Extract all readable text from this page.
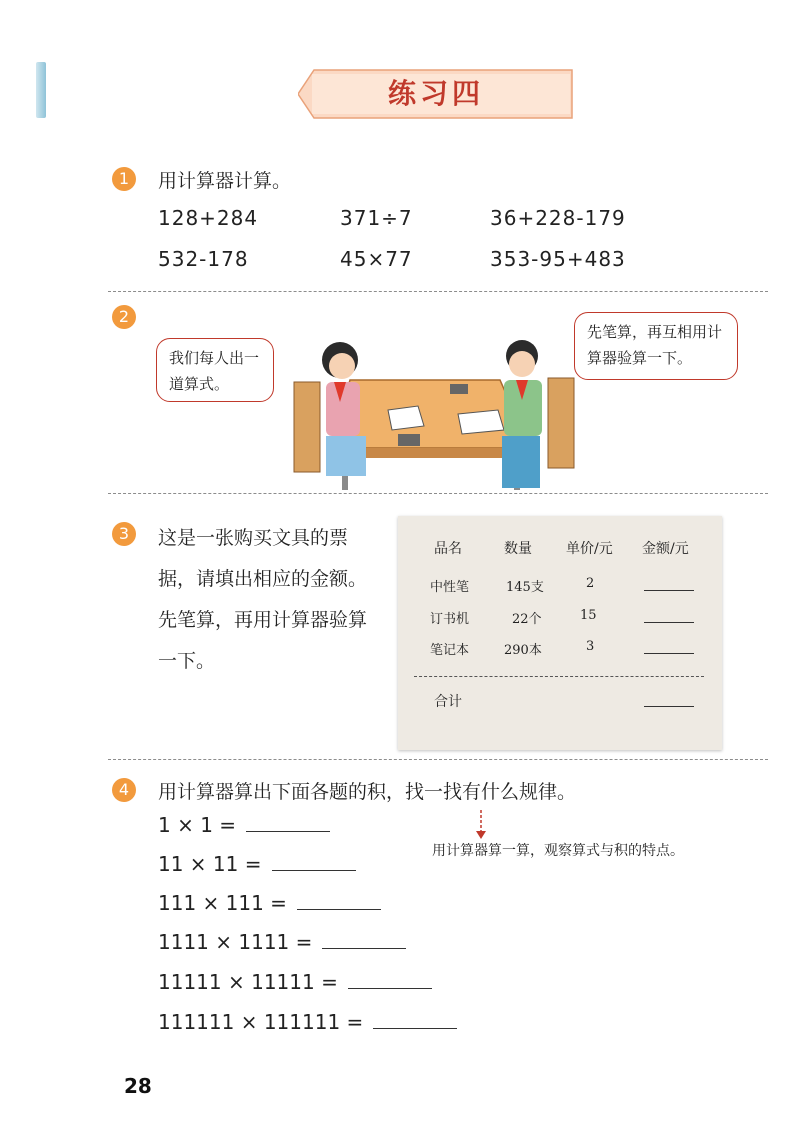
练习四
1	用计算器计算。
128+284	371÷7	36+228-179
532-178	45×77	353-95+483
2
我们每人出一道算式。
先笔算，再互相用计算器验算一下。
3	这是一张购买文具的票据，请填出相应的金额。先笔算，再用计算器验算一下。
品名	数量 单价/元 金额/元
中性笔	145支	2
订书机	22个	15
笔记本	290本	3
合计
4	用计算器算出下面各题的积，找一找有什么规律。
用计算器算一算，观察算式与积的特点。
1 × 1 =
11 × 11 =
111 × 111 =
1111 × 1111 =
11111 × 11111 =
111111 × 111111 =
28
